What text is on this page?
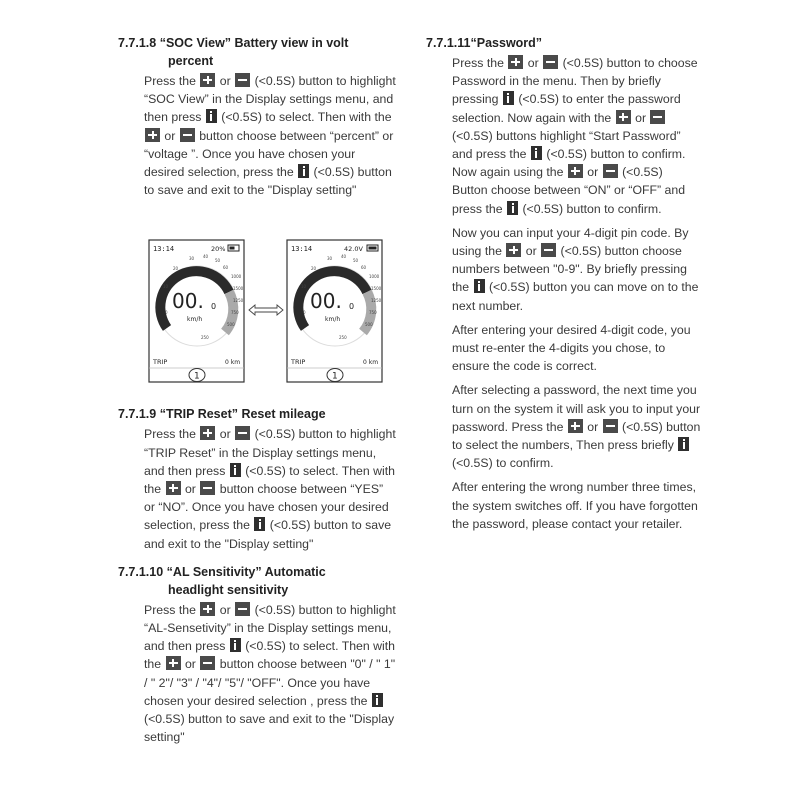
7.7.1.8 “SOC View” Battery view in volt
percent

Press the or (<0.5S) button to highlight “SOC View” in the Display settings menu, and then press (<0.5S) to select. Then with the  or button choose between “percent” or “voltage ”. Once you have chosen your desired selection, press the (<0.5S) button to save and exit to the "Display setting"

7.7.1.9 “TRIP Reset” Reset mileage

Press the or (<0.5S) button to highlight “TRIP Reset” in the Display settings menu, and then press (<0.5S) to select. Then with the or button choose between “YES” or “NO”. Once you have chosen your desired selection, press the (<0.5S) button to save and exit to the "Display setting"

7.7.1.10 “AL Sensitivity” Automatic
headlight sensitivity

Press the or (<0.5S) button to highlight “AL-Sensetivity” in the Display settings menu, and then press (<0.5S) to select. Then with the or button choose between "0" / " 1" / " 2"/ "3" / "4"/ "5"/ "OFF". Once you have chosen your desired selection , press the  (<0.5S) button to save and exit to the "Display setting"

13:14	20%
00. 0
km/h
TRIP	0 km
1
13:14	42.0V
00. 0
km/h
TRIP	0 km
1
30 40
50
60
20
10
0
1000
1500
1250
750
500
250
30 40
50
60
20
10
0
1000
1500
1250
750
500
250
7.7.1.11“Password”

Press the or (<0.5S) button to choose Password in the menu. Then by briefly pressing (<0.5S) to enter the password selection. Now again with the or  (<0.5S) buttons highlight “Start Password” and press the (<0.5S) button to confirm. Now again using the or (<0.5S) Button choose between “ON” or “OFF” and press the (<0.5S) button to confirm.

Now you can input your 4-digit pin code. By using the or (<0.5S) button choose numbers between "0-9". By briefly pressing the (<0.5S) button you can move on to the next number.

After entering your desired 4-digit code, you must re-enter the 4-digits you chose, to ensure the code is correct.

After selecting a password, the next time you turn on the system it will ask you to input your password. Press the or (<0.5S) button to select the numbers, Then press briefly  (<0.5S) to confirm.

After entering the wrong number three times, the system switches off. If you have forgotten the password, please contact your retailer.
